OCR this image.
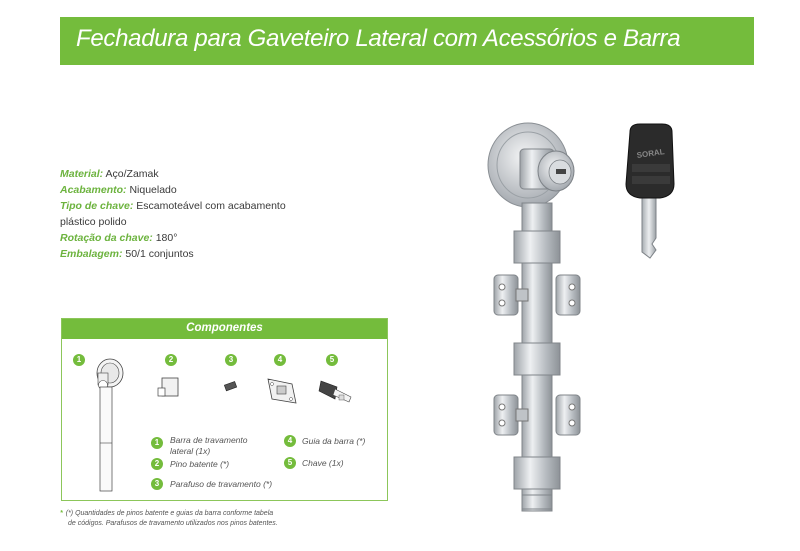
Fechadura para Gaveteiro Lateral com Acessórios e Barra
Material: Aço/Zamak
Acabamento: Niquelado
Tipo de chave: Escamoteável com acabamento
plástico polido
Rotação da chave: 180°
Embalagem: 50/1 conjuntos
Componentes
1	2	3	4	5
1	Barra de travamento
lateral (1x)
2	Pino batente (*)
3	Parafuso de travamento (*)
4	Guia da barra (*)
5	Chave (1x)
* (*) Quantidades de pinos batente e guias da barra conforme tabela
de códigos. Parafusos de travamento utilizados nos pinos batentes.
SORAL
